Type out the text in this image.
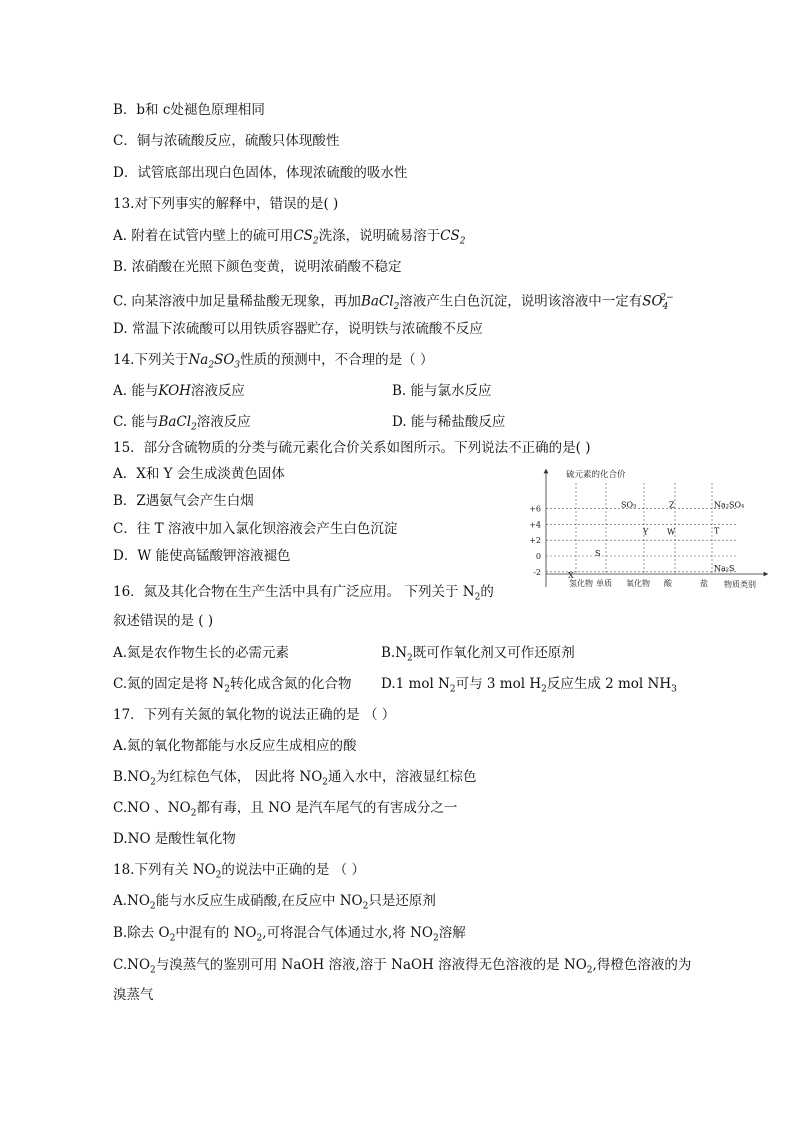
B．b和 c处褪色原理相同
C．铜与浓硫酸反应，硫酸只体现酸性
D．试管底部出现白色固体，体现浓硫酸的吸水性
13.对下列事实的解释中，错误的是( )
A. 附着在试管内壁上的硫可用$CS_2$洗涤，说明硫易溶于$CS_2$
B. 浓硝酸在光照下颜色变黄，说明浓硝酸不稳定
C. 向某溶液中加足量稀盐酸无现象，再加BaCl$_2$溶液产生白色沉淀，说明该溶液中一定有$SO_4^{2-}$
D. 常温下浓硫酸可以用铁质容器贮存，说明铁与浓硫酸不反应
14.下列关于$Na_2SO_3$性质的预测中，不合理的是（ ）
A. 能与KOH溶液反应	B. 能与氯水反应
C. 能与BaCl$_2$溶液反应	D. 能与稀盐酸反应
15．部分含硫物质的分类与硫元素化合价关系如图所示。下列说法不正确的是( )
A．X和 Y 会生成淡黄色固体
B．Z遇氨气会产生白烟
C．往 T 溶液中加入氯化钡溶液会产生白色沉淀
D．W 能使高锰酸钾溶液褪色
硫元素的化合价
物质类别
+6
+4
+2
0
-2
氢化物 单质 氧化物 酸	盐
X
S
SO₃
Y
Z
W
Na₂SO₄
T
Na₂S
16．氮及其化合物在生产生活中具有广泛应用。 下列关于 $N_2$的
叙述错误的是 ( )
A.氮是农作物生长的必需元素	$B.N_2$既可作氧化剂又可作还原剂
C.氮的固定是将 $N_2$转化成含氮的化合物 D.1 mol $N_2$可与 3 mol $H_2$反应生成 2 mol $NH_3$
17．下列有关氮的氧化物的说法正确的是 （ ）
A.氮的氧化物都能与水反应生成相应的酸
$B.NO_2$为红棕色气体， 因此将 $NO_2$通入水中，溶液显红棕色
C.NO 、$NO_2$都有毒，且 NO 是汽车尾气的有害成分之一
D.NO 是酸性氧化物
18.下列有关 $NO_2$的说法中正确的是 （ ）
$A.NO_2$能与水反应生成硝酸,在反应中 $NO_2$只是还原剂
B.除去 $O_2$中混有的 $NO_2$,可将混合气体通过水,将 $NO_2$溶解
$C.NO_2$与溴蒸气的鉴别可用 NaOH 溶液,溶于 NaOH 溶液得无色溶液的是 $NO_2$,得橙色溶液的为
溴蒸气
